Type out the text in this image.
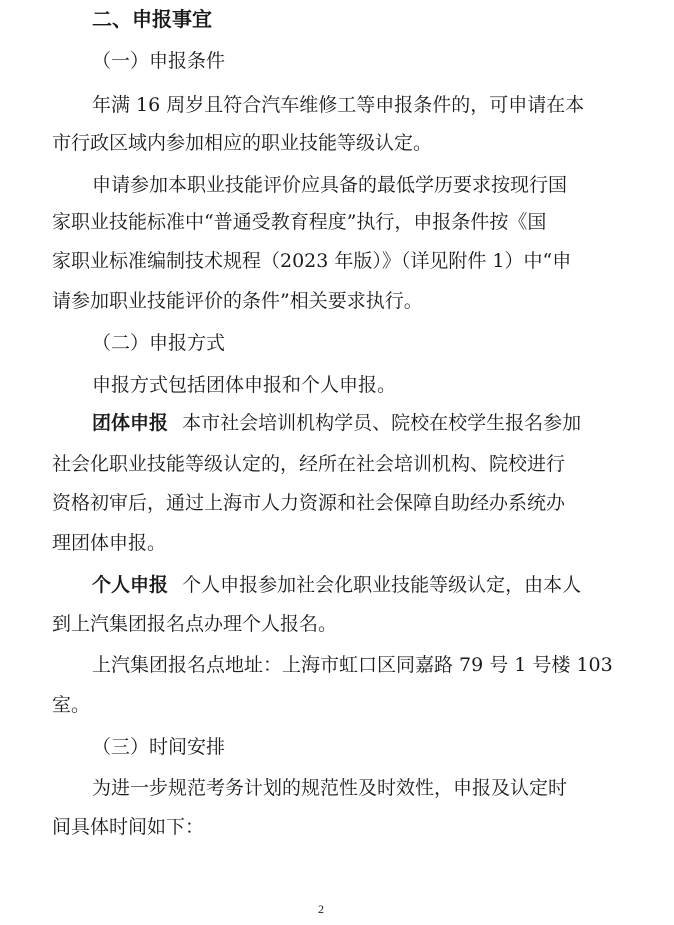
二、申报事宜
（一）申报条件
年满 16 周岁且符合汽车维修工等申报条件的，可申请在本
市行政区域内参加相应的职业技能等级认定。
申请参加本职业技能评价应具备的最低学历要求按现行国
家职业技能标准中“普通受教育程度”执行，申报条件按《国
家职业标准编制技术规程（2023 年版）》（详见附件 1）中“申
请参加职业技能评价的条件”相关要求执行。
（二）申报方式
申报方式包括团体申报和个人申报。
团体申报 本市社会培训机构学员、院校在校学生报名参加
社会化职业技能等级认定的，经所在社会培训机构、院校进行
资格初审后，通过上海市人力资源和社会保障自助经办系统办
理团体申报。
个人申报 个人申报参加社会化职业技能等级认定，由本人
到上汽集团报名点办理个人报名。
上汽集团报名点地址：上海市虹口区同嘉路 79 号 1 号楼 103
室。
（三）时间安排
为进一步规范考务计划的规范性及时效性，申报及认定时
间具体时间如下：
2
